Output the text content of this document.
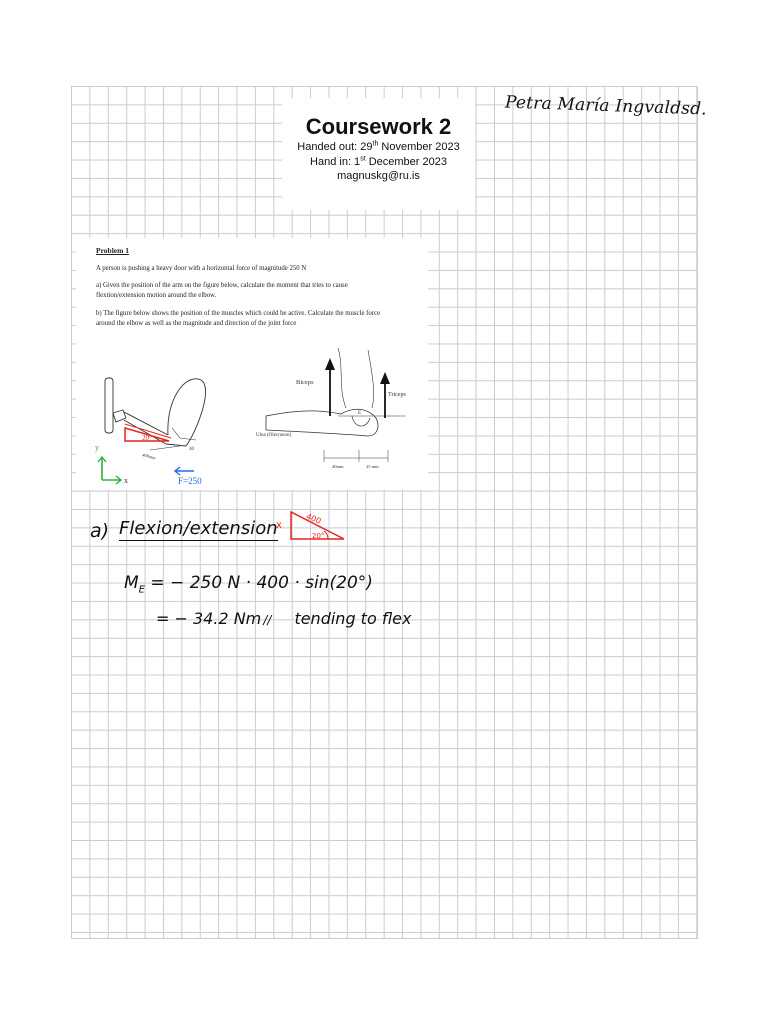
Coursework 2
Handed out: 29th November 2023
Hand in: 1st December 2023
magnuskg@ru.is
Petra María Ingvaldsd.
Problem 1
A person is pushing a heavy door with a horizontal force of magnitude 250 N
a) Given the position of the arm on the figure below, calculate the moment that tries to cause flextion/extension motion around the elbow.
b) The figure below shows the position of the muscles which could be active. Calculate the muscle force around the elbow as well as the magnitude and direction of the joint force
20°
400mm
30
y
x	F=250
Biceps
Triceps
Ulna (Olecranon)
E
40mm	25 mm
a) Flexion/extension
x	400
20°
$M_E$ = − 250 N · 400 · sin(20°)
= − 34.2 Nm // tending to flex
